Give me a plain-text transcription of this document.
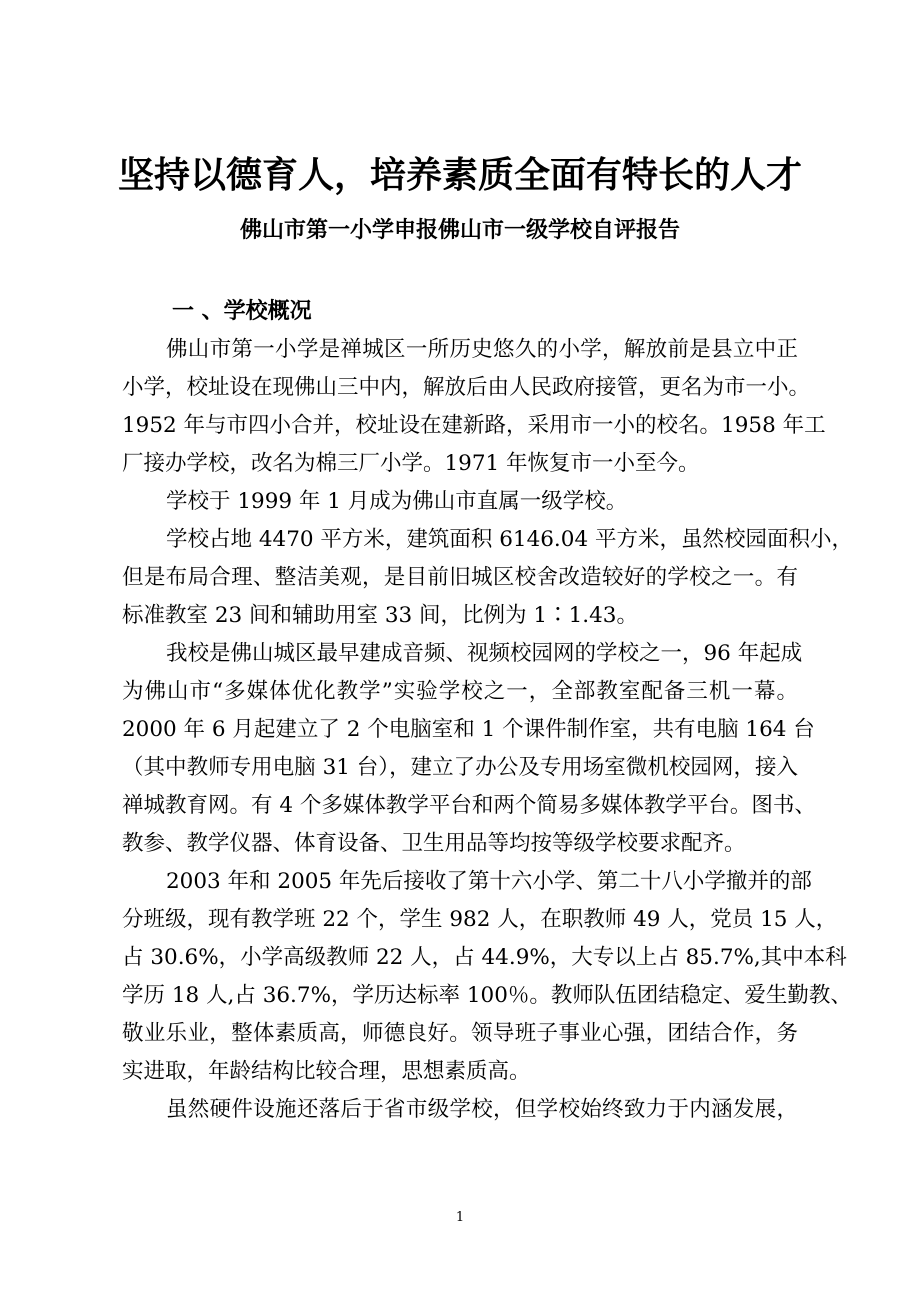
坚持以德育人，培养素质全面有特长的人才
佛山市第一小学申报佛山市一级学校自评报告
一 、学校概况
佛山市第一小学是禅城区一所历史悠久的小学，解放前是县立中正
小学，校址设在现佛山三中内，解放后由人民政府接管，更名为市一小。
1952 年与市四小合并，校址设在建新路，采用市一小的校名。1958 年工
厂接办学校，改名为棉三厂小学。1971 年恢复市一小至今。
学校于 1999 年 1 月成为佛山市直属一级学校。
学校占地 4470 平方米，建筑面积 6146.04 平方米，虽然校园面积小，
但是布局合理、整洁美观，是目前旧城区校舍改造较好的学校之一。有
标准教室 23 间和辅助用室 33 间，比例为 1∶1.43。
我校是佛山城区最早建成音频、视频校园网的学校之一，96 年起成
为佛山市“多媒体优化教学”实验学校之一，全部教室配备三机一幕。
2000 年 6 月起建立了 2 个电脑室和 1 个课件制作室，共有电脑 164 台
（其中教师专用电脑 31 台），建立了办公及专用场室微机校园网，接入
禅城教育网。有 4 个多媒体教学平台和两个简易多媒体教学平台。图书、
教参、教学仪器、体育设备、卫生用品等均按等级学校要求配齐。
2003 年和 2005 年先后接收了第十六小学、第二十八小学撤并的部
分班级，现有教学班 22 个，学生 982 人，在职教师 49 人，党员 15 人，
占 30.6%，小学高级教师 22 人，占 44.9%，大专以上占 85.7%,其中本科
学历 18 人,占 36.7%，学历达标率 100％。教师队伍团结稳定、爱生勤教、
敬业乐业，整体素质高，师德良好。领导班子事业心强，团结合作，务
实进取，年龄结构比较合理，思想素质高。
虽然硬件设施还落后于省市级学校，但学校始终致力于内涵发展，
1
